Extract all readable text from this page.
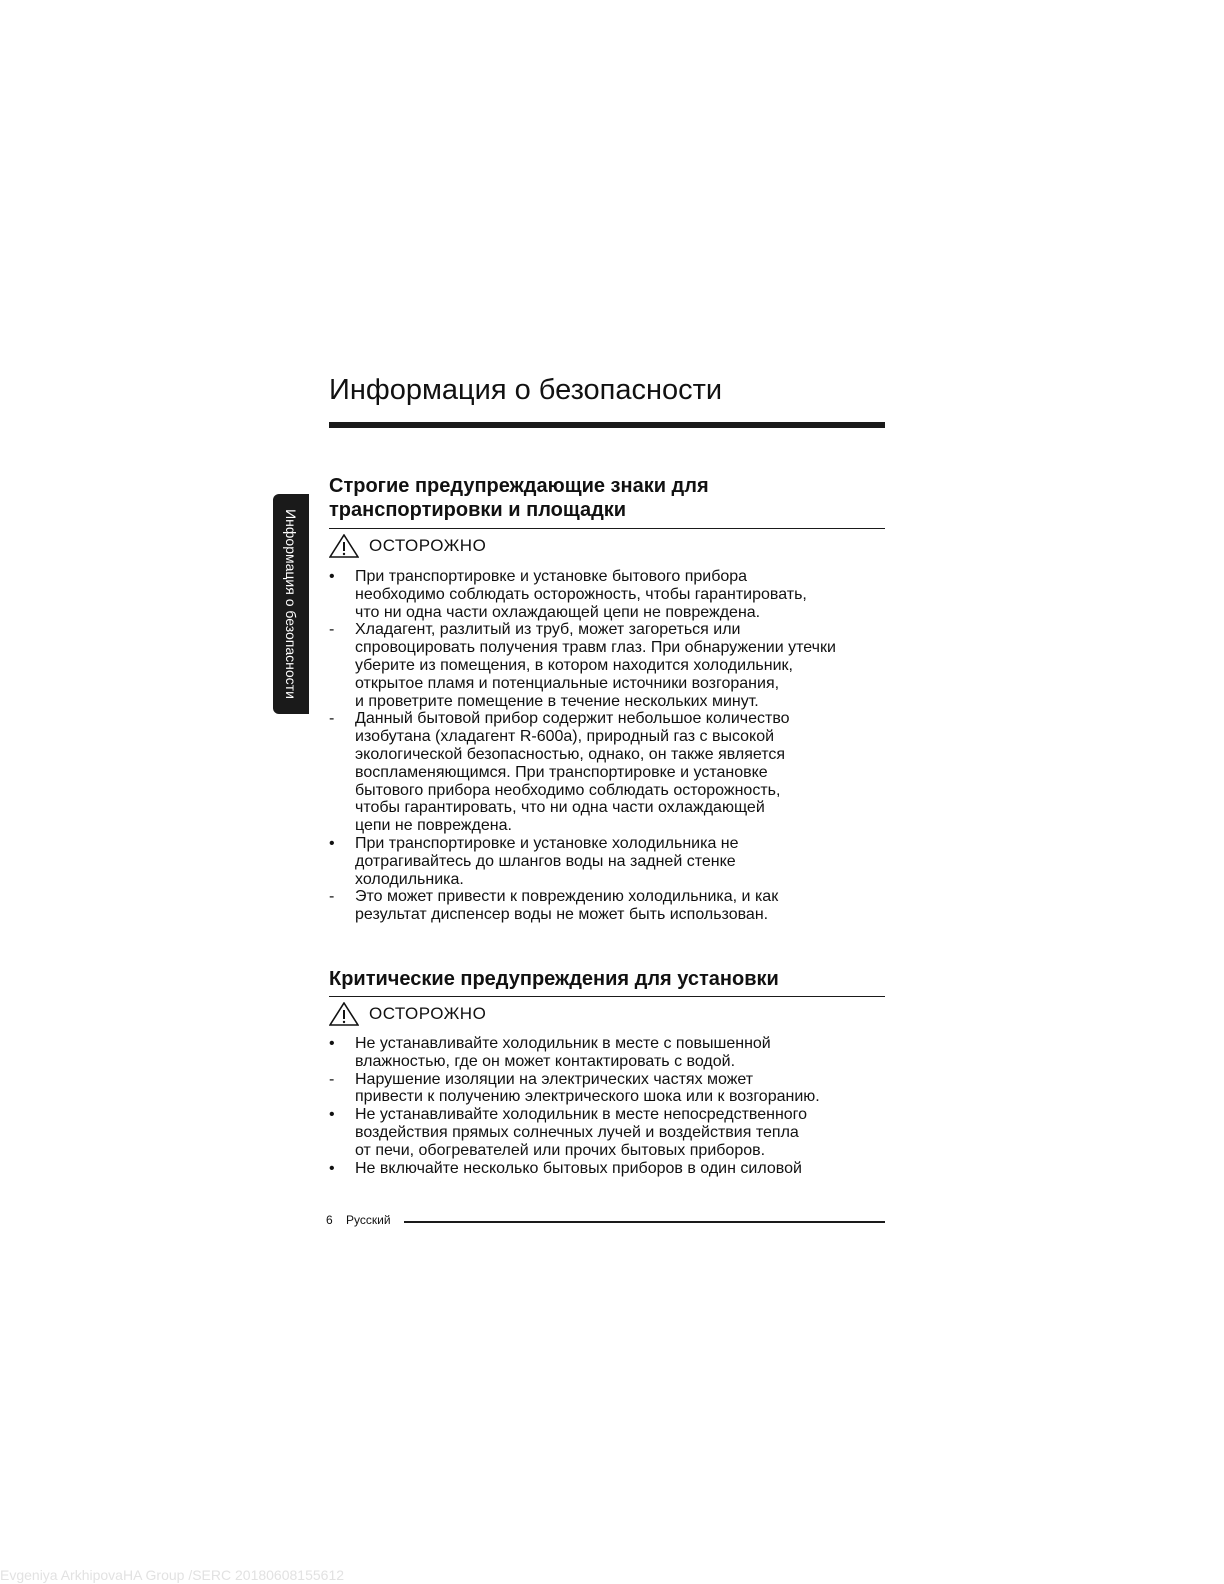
Информация о безопасности
Информация о безопасности
Строгие предупреждающие знаки для
транспортировки и площадки
ОСТОРОЖНО
•	При транспортировке и установке бытового прибора
необходимо соблюдать осторожность, чтобы гарантировать,
что ни одна части охлаждающей цепи не повреждена.
-	Хладагент, разлитый из труб, может загореться или
спровоцировать получения травм глаз. При обнаружении утечки
уберите из помещения, в котором находится холодильник,
открытое пламя и потенциальные источники возгорания,
и проветрите помещение в течение нескольких минут.
-	Данный бытовой прибор содержит небольшое количество
изобутана (хладагент R-600a), природный газ с высокой
экологической безопасностью, однако, он также является
воспламеняющимся. При транспортировке и установке
бытового прибора необходимо соблюдать осторожность,
чтобы гарантировать, что ни одна части охлаждающей
цепи не повреждена.
•	При транспортировке и установке холодильника не
дотрагивайтесь до шлангов воды на задней стенке
холодильника.
-	Это может привести к повреждению холодильника, и как
результат диспенсер воды не может быть использован.
Критические предупреждения для установки
ОСТОРОЖНО
•	Не устанавливайте холодильник в месте с повышенной
влажностью, где он может контактировать с водой.
-	Нарушение изоляции на электрических частях может
привести к получению электрического шока или к возгоранию.
•	Не устанавливайте холодильник в месте непосредственного
воздействия прямых солнечных лучей и воздействия тепла
от печи, обогревателей или прочих бытовых приборов.
•	Не включайте несколько бытовых приборов в один силовой
6 Русский
Evgeniya ArkhipovaHA Group /SERC 20180608155612
